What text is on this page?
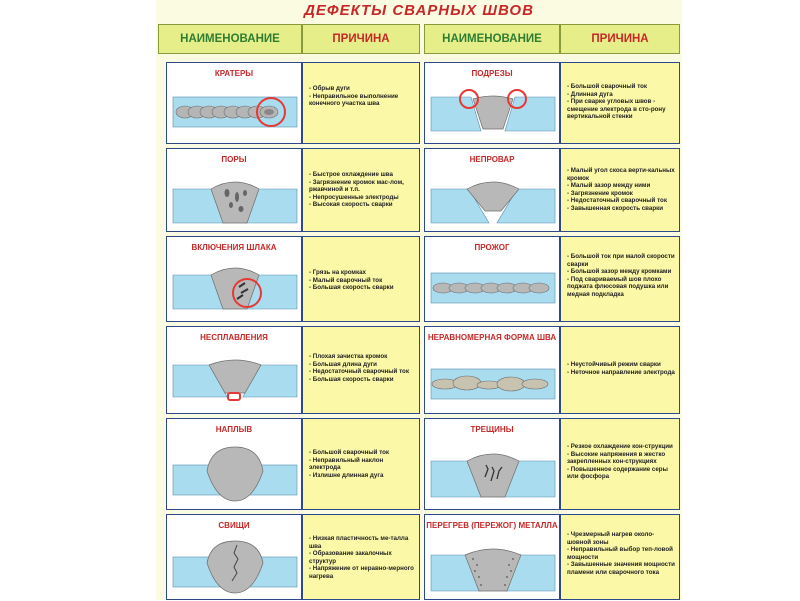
ДЕФЕКТЫ СВАРНЫХ ШВОВ
НАИМЕНОВАНИЕ	ПРИЧИНА	НАИМЕНОВАНИЕ	ПРИЧИНА
КРАТЕРЫ
- Обрыв дуги
- Неправильное выполнение конечного участка шва
ПОРЫ
- Быстрое охлаждение шва
- Загрязнение кромок мас-лом, ржавчиной и т.п.
- Непросушенные электроды
- Высокая скорость сварки
ВКЛЮЧЕНИЯ ШЛАКА
- Грязь на кромках
- Малый сварочный ток
- Большая скорость сварки
НЕСПЛАВЛЕНИЯ
- Плохая зачистка кромок
- Большая длина дуги
- Недостаточный сварочный ток
- Большая скорость сварки
НАПЛЫВ
- Большой сварочный ток
- Неправильный наклон электрода
- Излишне длинная дуга
СВИЩИ
- Низкая пластичность ме-талла шва
- Образование закалочных структур
- Напряжение от неравно-мерного нагрева
ПОДРЕЗЫ
- Большой сварочный ток
- Длинная дуга
- При сварке угловых швов - смещение электрода в сто-рону вертикальной стенки
НЕПРОВАР
- Малый угол скоса верти-кальных кромок
- Малый зазор между ними
- Загрязнение кромок
- Недостаточный сварочный ток
- Завышенная скорость сварки
ПРОЖОГ
- Большой ток при малой скорости сварки
- Большой зазор между кромками
- Под свариваемый шов плохо поджата флюсовая подушка или медная подкладка
НЕРАВНОМЕРНАЯ ФОРМА ШВА
- Неустойчивый режим сварки
- Неточное направление электрода
ТРЕЩИНЫ
- Резкое охлаждение кон-струкции
- Высокие напряжения в жестко закрепленных кон-струкциях
- Повышенное содержание серы или фосфора
ПЕРЕГРЕВ (ПЕРЕЖОГ) МЕТАЛЛА
- Чрезмерный нагрев около-шовной зоны
- Неправильный выбор теп-ловой мощности
- Завышенные значения мощности пламени или сварочного тока
